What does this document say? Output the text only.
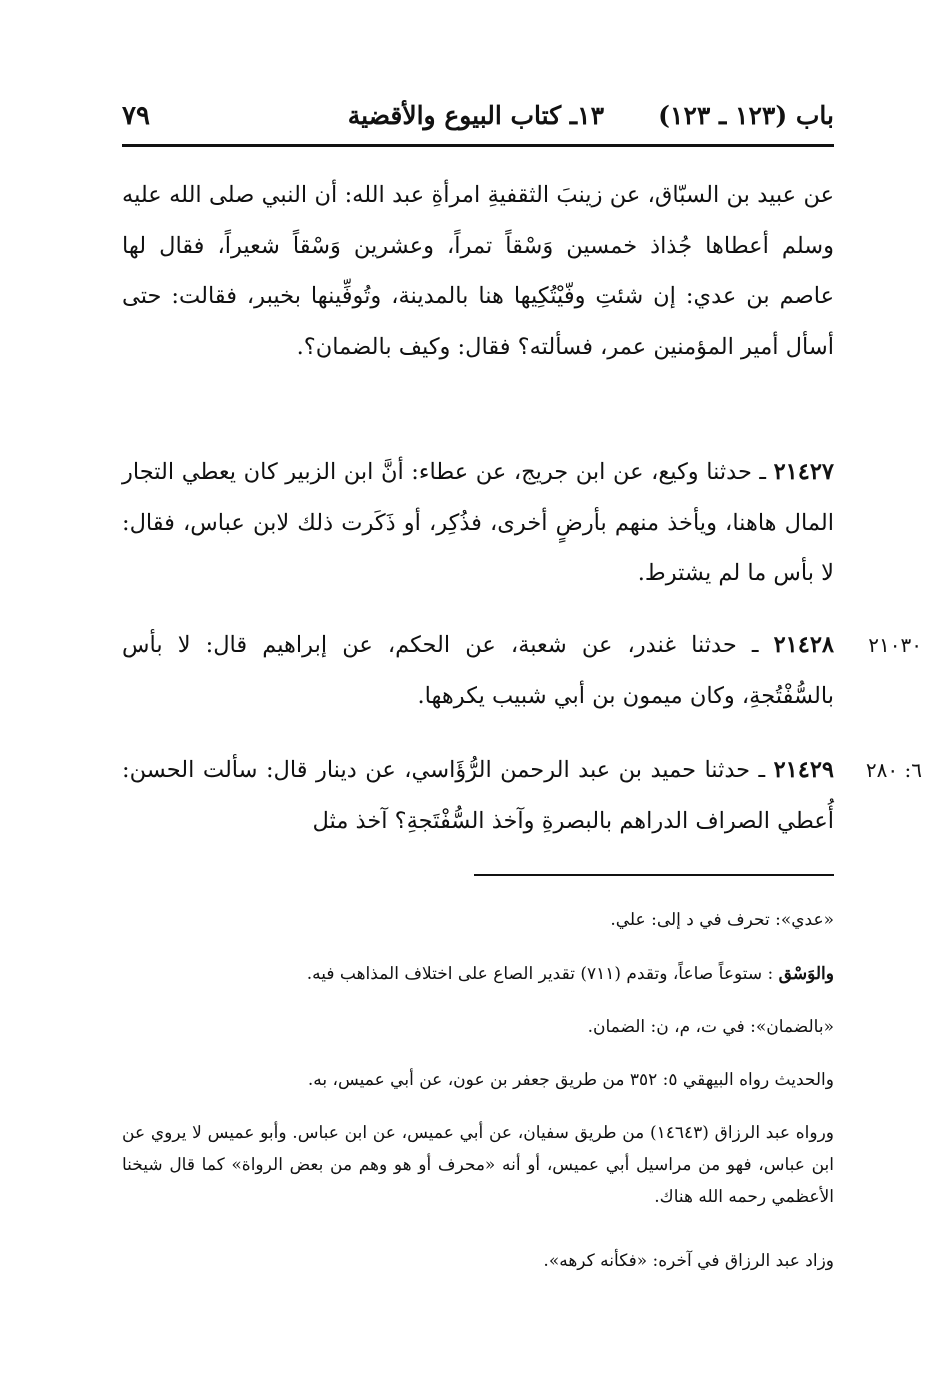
باب (١٢٣ ـ ١٢٣)
١٣ـ كتاب البيوع والأقضية
٧٩
عن عبيد بن السبّاق، عن زينبَ الثقفيةِ امرأةِ عبد الله: أن النبي صلى الله عليه وسلم أعطاها جُذاذ خمسين وَسْقاً تمراً، وعشرين وَسْقاً شعيراً، فقال لها عاصم بن عدي: إن شئتِ وفّيْتُكِيها هنا بالمدينة، وتُوفِّينها بخيبر، فقالت: حتى أسأل أمير المؤمنين عمر، فسألته؟ فقال: وكيف بالضمان؟.
٢١٤٢٧ ـ حدثنا وكيع، عن ابن جريج، عن عطاء: أنَّ ابن الزبير كان يعطي التجار المال هاهنا، ويأخذ منهم بأرضٍ أخرى، فذُكِر، أو ذَكَرت ذلك لابن عباس، فقال: لا بأس ما لم يشترط.
٢١٠٣٠
٢١٤٢٨ ـ حدثنا غندر، عن شعبة، عن الحكم، عن إبراهيم قال: لا بأس بالسُّفْتُجةِ، وكان ميمون بن أبي شبيب يكرهها.
٦: ٢٨٠
٢١٤٢٩ ـ حدثنا حميد بن عبد الرحمن الرُّؤَاسي، عن دينار قال: سألت الحسن: أُعطي الصراف الدراهم بالبصرةِ وآخذ السُّفْتَجةِ؟ آخذ مثل
«عدي»: تحرف في د إلى: علي.
والوَسْق : ستوعاً صاعاً، وتقدم (٧١١) تقدير الصاع على اختلاف المذاهب فيه.
«بالضمان»: في ت، م، ن: الضمان.
والحديث رواه البيهقي ٥: ٣٥٢ من طريق جعفر بن عون، عن أبي عميس، به.
ورواه عبد الرزاق (١٤٦٤٣) من طريق سفيان، عن أبي عميس، عن ابن عباس. وأبو عميس لا يروي عن ابن عباس، فهو من مراسيل أبي عميس، أو أنه «محرف أو هو وهم من بعض الرواة» كما قال شيخنا الأعظمي رحمه الله هناك.
وزاد عبد الرزاق في آخره: «فكأنه كرهه».
